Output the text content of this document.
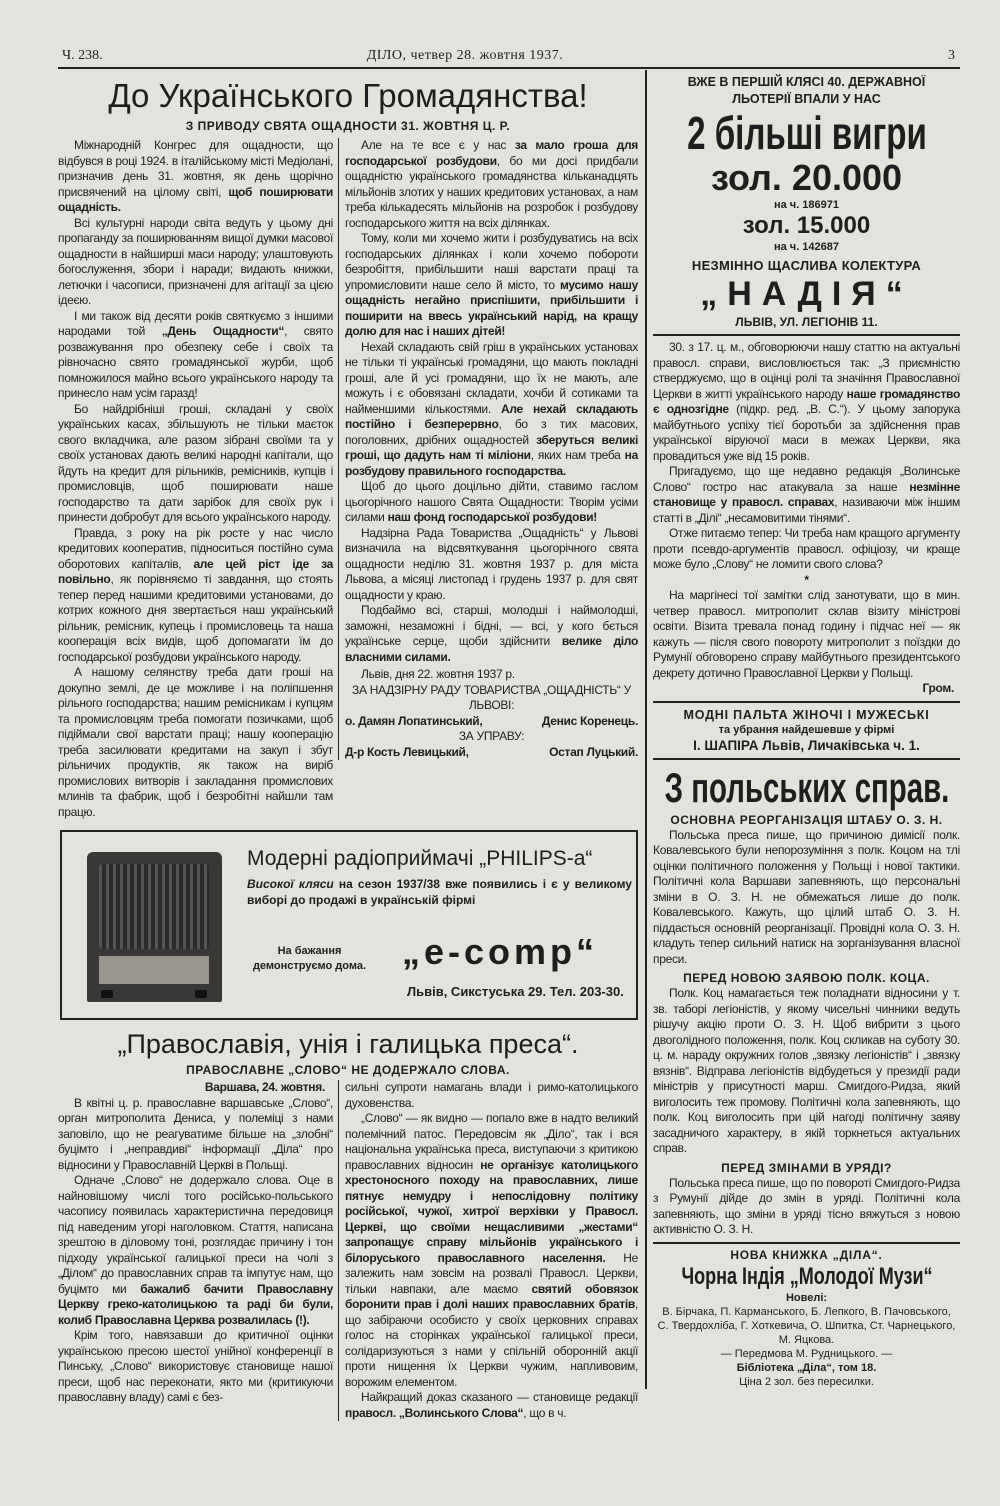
Ч. 238.	ДІЛО, четвер 28. жовтня 1937.	3
До Українського Громадянства!
З ПРИВОДУ СВЯТА ОЩАДНОСТИ 31. ЖОВТНЯ Ц. Р.

Міжнародній Конгрес для ощадности, що відбувся в році 1924. в італійському місті Медіолані, призначив день 31. жовтня, як день щорічно присвячений на цілому світі, щоб поширювати ощадність.

Всі культурні народи світа ведуть у цьому дні пропаганду за поширюванням вищої думки масової ощадности в найширші маси народу; улаштовують богослуження, збори і наради; видають книжки, летючки і часописи, призначені для агітації за цією ідеєю.

І ми також від десяти років святкуємо з іншими народами той „День Ощадности“, свято розважування про обезпеку себе і своїх та рівночасно свято громадянської журби, щоб помножилося майно всього українського народу та принесло нам усім гаразд!

Бо найдрібніші гроші, складані у своїх українських касах, збільшують не тільки маєток свого вкладчика, але разом зібрані своїми та у своїх установах дають великі народні капітали, що йдуть на кредит для рільників, ремісників, купців і промисловців, щоб поширювати наше господарство та дати зарібок для своїх рук і принести добробут для всього українського народу.

Правда, з року на рік росте у нас число кредитових кооператив, підноситься постійно сума оборотових капіталів, але цей ріст іде за повільно, як порівняємо ті завдання, що стоять тепер перед нашими кредитовими установами, до котрих кожного дня звертається наш український рільник, ремісник, купець і промисловець та наша кооперація всіх видів, щоб допомагати їм до господарської розбудови українського народу.

А нашому селянству треба дати гроші на докупно землі, де це можливе і на поліпшення рільного господарства; нашим ремісникам і купцям та промисловцям треба помогати позичками, щоб підіймали свої варстати праці; нашу кооперацію треба засилювати кредитами на закуп і збут рільничих продуктів, як також на виріб промислових витворів і закладання промислових млинів та фабрик, щоб і безробітні найшли там працю.

Але на те все є у нас за мало гроша для господарської розбудови, бо ми досі придбали ощадністю українського громадянства кільканадцять мільйонів злотих у наших кредитових установах, а нам треба кількадесять мільйонів на розробок і розбудову господарського життя на всіх ділянках.

Тому, коли ми хочемо жити і розбудуватись на всіх господарських ділянках і коли хочемо побороти безробіття, прибільшити наші варстати праці та упромисловити наше село й місто, то мусимо нашу ощадність негайно приспішити, прибільшити і поширити на ввесь український нарід, на кращу долю для нас і наших дітей!

Нехай складають свій гріш в українських установах не тільки ті українські громадяни, що мають покладні гроші, але й усі громадяни, що їх не мають, але можуть і є обовязані складати, хочби й сотиками та найменшими кількостями. Але нехай складають постійно і безперервно, бо з тих масових, поголовних, дрібних ощадностей зберуться великі гроші, що дадуть нам ті міліони, яких нам треба на розбудову правильного господарства.

Щоб до цього доцільно дійти, ставимо гаслом цьогорічного нашого Свята Ощадности: Творім усіми силами наш фонд господарської розбудови!

Надзірна Рада Товариства „Ощадність“ у Львові визначила на відсвяткування цьогорічного свята ощадности неділю 31. жовтня 1937 р. для міста Львова, а місяці листопад і грудень 1937 р. для свят ощадности у краю.

Подбаймо всі, старші, молодші і наймолодші, заможні, незаможні і бідні, — всі, у кого бється українське серце, щоби здійснити велике діло власними силами.

Львів, дня 22. жовтня 1937 р.
ЗА НАДЗІРНУ РАДУ ТОВАРИСТВА „ОЩАДНІСТЬ“ У ЛЬВОВІ:
о. Дамян Лопатинський,	Денис Коренець.
ЗА УПРАВУ:
Д-р Кость Левицький,	Остап Луцький.
Модерні радіоприймачі „PHILIPS-а“
Високої кляси на сезон 1937/38 вже появились і є у великому виборі до продажі в українській фірмі
На бажання демонструємо дома. „e-comp“
Львів, Сикстуська 29. Тел. 203-30.
„Православія, унія і галицька преса“.
ПРАВОСЛАВНЕ „СЛОВО“ НЕ ДОДЕРЖАЛО СЛОВА.
Варшава, 24. жовтня.

В квітні ц. р. православне варшавське „Слово“, орган митрополита Дениса, у полеміці з нами заповіло, що не реагуватиме більше на „злобні“ буцімто і „неправдиві“ інформації „Діла“ про відносини у Православній Церкві в Польщі.

Одначе „Слово“ не додержало слова. Оце в найновішому числі того російсько-польського часопису появилась характеристична передовиця під наведеним угорі наголовком. Стаття, написана зрештою в діловому тоні, розглядає причину і тон підходу української галицької преси на чолі з „Ділом“ до православних справ та імпутує нам, що буцімто ми бажалиб бачити Православну Церкву греко-католицькою та раді би були, колиб Православна Церква розвалилась (!).

Крім того, навязавши до критичної оцінки українською пресою шестої унійної конференції в Пинську, „Слово“ використовує становище нашої преси, щоб нас переконати, якто ми (критикуючи православну владу) самі є без-

сильні супроти намагань влади і римо-католицького духовенства.

„Слово“ — як видно — попало вже в надто великий полемічний патос. Передовсім як „Діло“, так і вся національна українська преса, виступаючи з критикою православних відносин не організує католицького хрестоносного походу на православних, лише пятнує немудру і непослідовну політику російської, чужої, хитрої верхівки у Правосл. Церкві, що своїми нещасливими „жестами“ запропащує справу мільйонів українського і білоруського православного населення. Не залежить нам зовсім на розвалі Правосл. Церкви, тільки навпаки, але маємо святий обовязок боронити прав і долі наших православних братів, що забіраючи особисто у своїх церковних справах голос на сторінках української галицької преси, солідаризуються з нами у спільній оборонній акції проти нищення їх Церкви чужим, напливовим, ворожим елементом.

Найкращий доказ сказаного — становище редакції правосл. „Волинського Слова“, що в ч.

ВЖЕ В ПЕРШІЙ КЛЯСІ 40. ДЕРЖАВНОЇ ЛЬОТЕРІЇ ВПАЛИ У НАС
2 більші вигри
зол. 20.000
на ч. 186971
зол. 15.000
на ч. 142687
НЕЗМІННО ЩАСЛИВА КОЛЕКТУРА
„НАДІЯ“
ЛЬВІВ, УЛ. ЛЕГІОНІВ 11.

30. з 17. ц. м., обговорюючи нашу статтю на актуальні правосл. справи, висловлюється так: „З приємністю стверджуємо, що в оцінці ролі та значіння Православної Церкви в житті українського народу наше громадянство є однозгідне (підкр. ред. „В. С.“). У цьому запорука майбутнього успіху тієї боротьби за здійснення прав української віруючої маси в межах Церкви, яка провадиться уже від 15 років.

Пригадуємо, що ще недавно редакція „Волинське Слово“ гостро нас атакувала за наше незмінне становище у правосл. справах, називаючи між іншим статті в „Ділі“ „несамовитими тінями“.

Отже питаємо тепер: Чи треба нам кращого аргументу проти псевдо-аргументів правосл. офіціозу, чи краще може було „Слову“ не ломити свого слова?

*

На маргінесі тої замітки слід занотувати, що в мин. четвер правосл. митрополит склав візиту міністрові освіти. Візита тревала понад годину і підчас неї — як кажуть — після свого повороту митрополит з поїздки до Румунії обговорено справу майбутнього президентського декрету дотично Православної Церкви у Польщі.

Гром.
МОДНІ ПАЛЬТА ЖІНОЧІ І МУЖЕСЬКІ
та убрання найдешевше у фірмі
І. ШАПІРА Львів, Личаківська ч. 1.
З польських справ.
ОСНОВНА РЕОРГАНІЗАЦІЯ ШТАБУ О. З. Н.

Польська преса пише, що причиною димісії полк. Ковалевського були непорозуміння з полк. Коцом на тлі оцінки політичного положення у Польщі і нової тактики. Політичні кола Варшави запевняють, що персональні зміни в О. З. Н. не обмежаться лише до полк. Ковалевського. Кажуть, що цілий штаб О. З. Н. піддасться основній реорганізації. Провідні кола О. З. Н. кладуть тепер сильний натиск на зорганізування власної преси.

ПЕРЕД НОВОЮ ЗАЯВОЮ ПОЛК. КОЦА.

Полк. Коц намагається теж поладнати відносини у т. зв. таборі легіоністів, у якому чисельні чинники ведуть рішучу акцію проти О. З. Н. Щоб вибрити з цього двоголідного положення, полк. Коц скликав на суботу 30. ц. м. нараду окружних голов „звязку легіоністів“ і „звязку вязнів“. Відправа легіоністів відбудеться у президії ради міністрів у присутності марш. Смигдого-Ридза, який виголосить теж промову. Політичні кола запевняють, що полк. Коц виголосить при цій нагоді політичну заяву засадничого характеру, в якій торкнеться актуальних справ.

ПЕРЕД ЗМІНАМИ В УРЯДІ?

Польська преса пише, що по повороті Смигдого-Ридза з Румунії дійде до змін в уряді. Політичні кола запевняють, що зміни в уряді тісно вяжуться з новою активністю О. З. Н.

НОВА КНИЖКА „ДІЛА“.
Чорна Індія „Молодої Музи“
Новелі:
В. Бірчака, П. Карманського, Б. Лепкого, В. Пачовського, С. Твердохліба, Г. Хоткевича, О. Шпитка, Ст. Чарнецького, М. Яцкова.
— Передмова М. Рудницького. —
Бібліотека „Діла“, том 18.
Ціна 2 зол. без пересилки.
